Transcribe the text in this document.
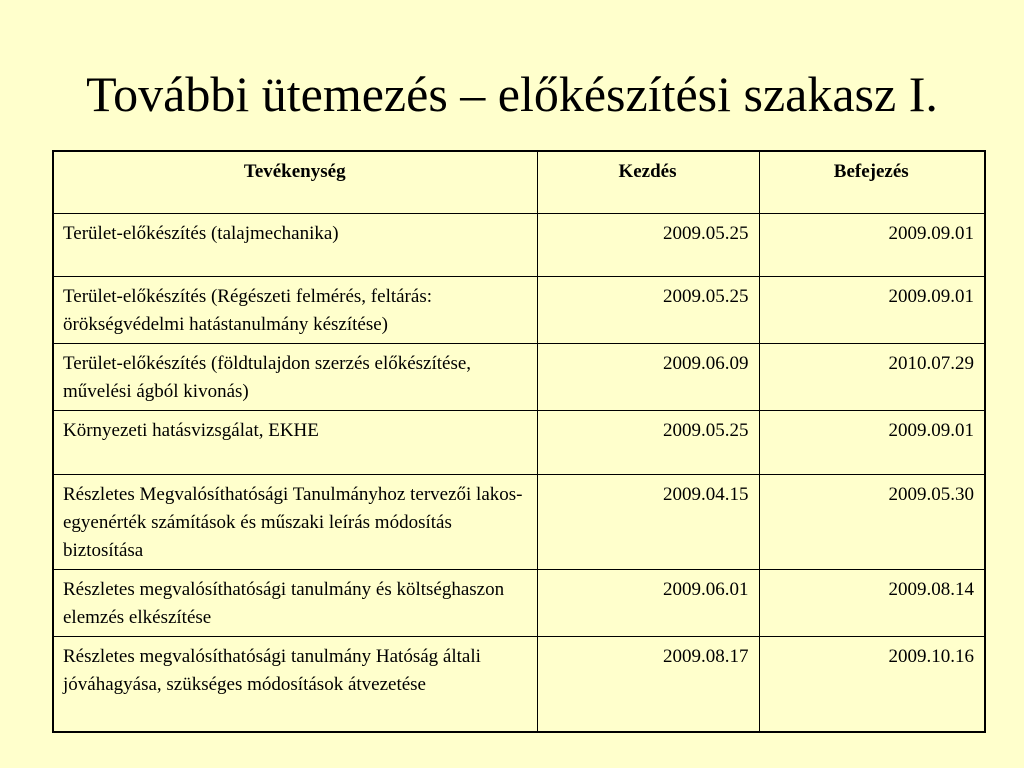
További ütemezés – előkészítési szakasz I.
Tevékenység	Kezdés	Befejezés
Terület-előkészítés (talajmechanika)	2009.05.25	2009.09.01
Terület-előkészítés (Régészeti felmérés, feltárás: örökségvédelmi hatástanulmány készítése)	2009.05.25	2009.09.01
Terület-előkészítés (földtulajdon szerzés előkészítése, művelési ágból kivonás)	2009.06.09	2010.07.29
Környezeti hatásvizsgálat, EKHE	2009.05.25	2009.09.01
Részletes Megvalósíthatósági Tanulmányhoz tervezői lakos-egyenérték számítások és műszaki leírás módosítás biztosítása	2009.04.15	2009.05.30
Részletes megvalósíthatósági tanulmány és költséghaszon elemzés elkészítése	2009.06.01	2009.08.14
Részletes megvalósíthatósági tanulmány Hatóság általi jóváhagyása, szükséges módosítások átvezetése	2009.08.17	2009.10.16
